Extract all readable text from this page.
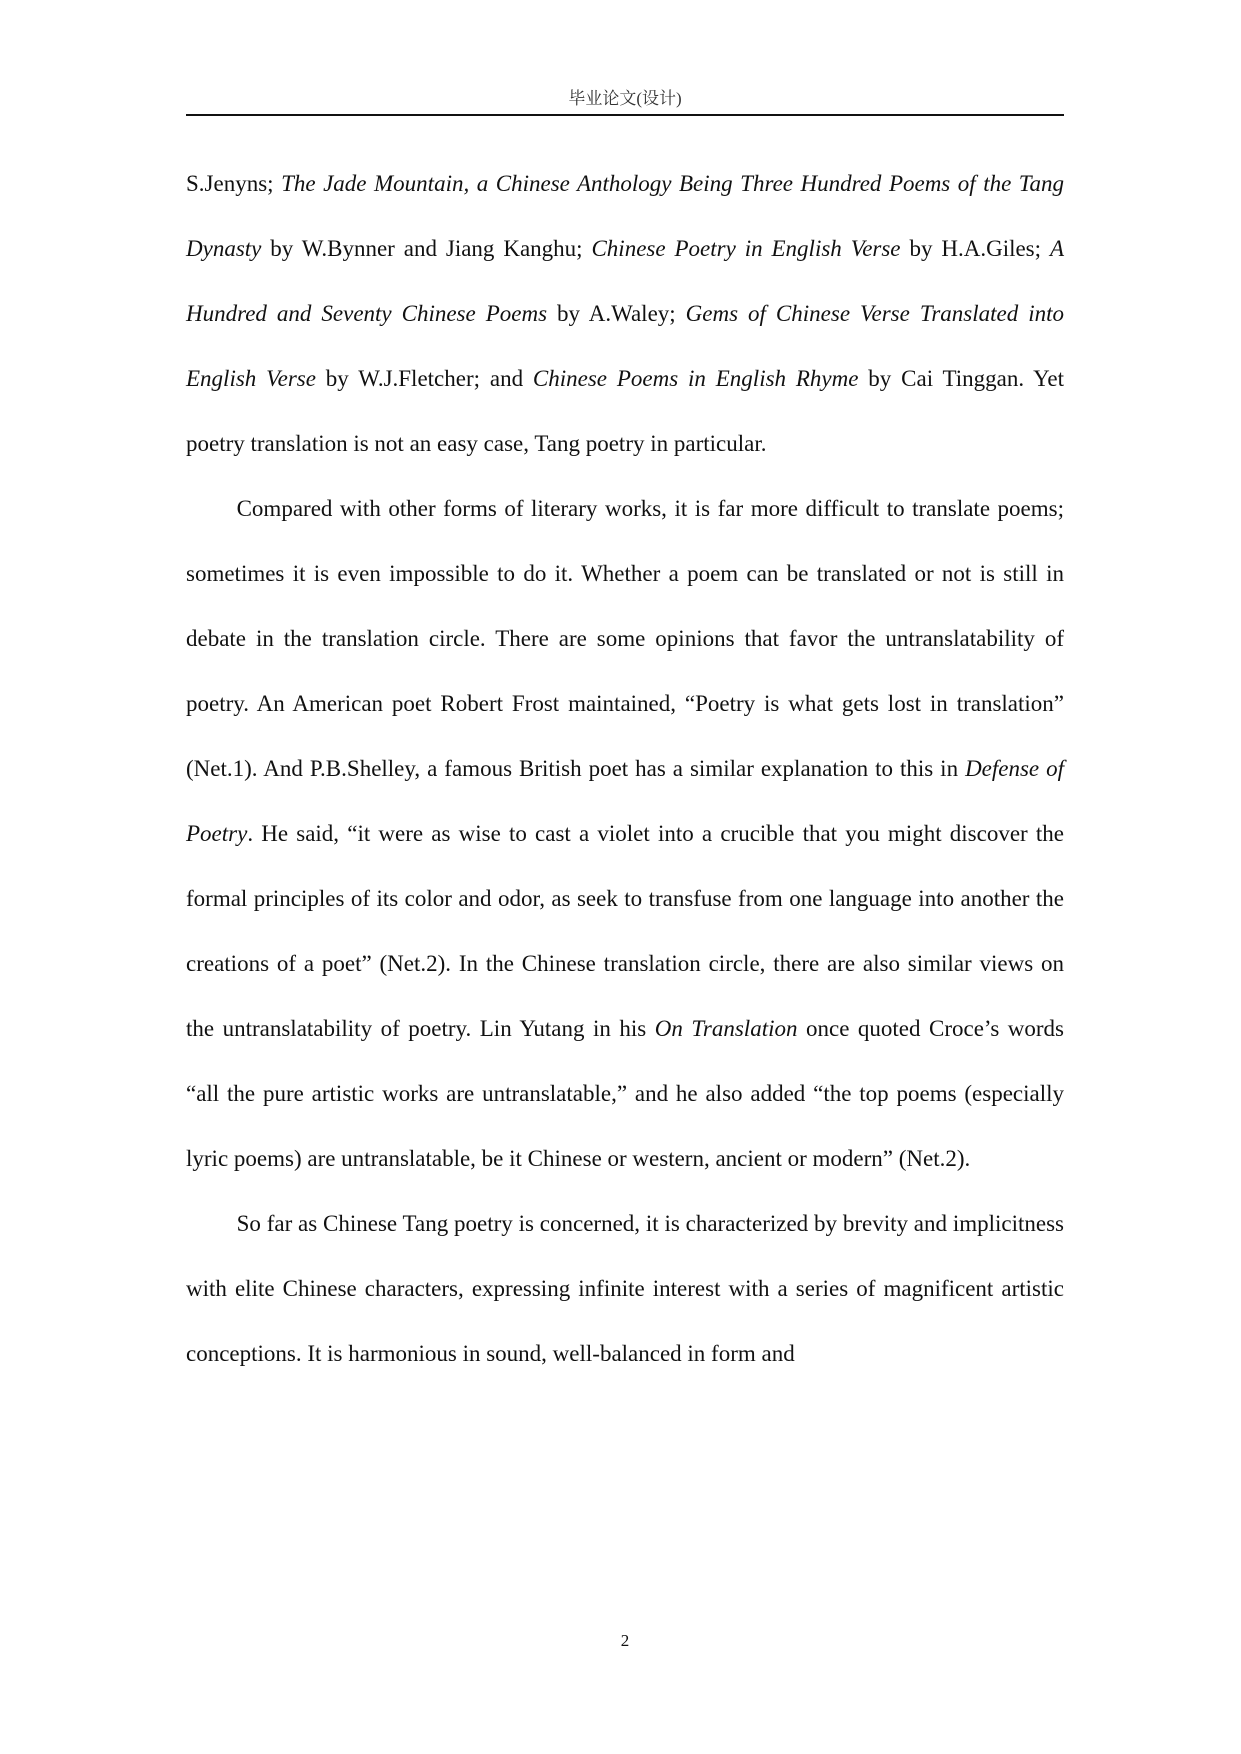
毕业论文(设计)

S.Jenyns; The Jade Mountain, a Chinese Anthology Being Three Hundred Poems of the Tang Dynasty by W.Bynner and Jiang Kanghu; Chinese Poetry in English Verse by H.A.Giles; A Hundred and Seventy Chinese Poems by A.Waley; Gems of Chinese Verse Translated into English Verse by W.J.Fletcher; and Chinese Poems in English Rhyme by Cai Tinggan. Yet poetry translation is not an easy case, Tang poetry in particular.

Compared with other forms of literary works, it is far more difficult to translate poems; sometimes it is even impossible to do it. Whether a poem can be translated or not is still in debate in the translation circle. There are some opinions that favor the untranslatability of poetry. An American poet Robert Frost maintained, “Poetry is what gets lost in translation” (Net.1). And P.B.Shelley, a famous British poet has a similar explanation to this in Defense of Poetry. He said, “it were as wise to cast a violet into a crucible that you might discover the formal principles of its color and odor, as seek to transfuse from one language into another the creations of a poet” (Net.2). In the Chinese translation circle, there are also similar views on the untranslatability of poetry. Lin Yutang in his On Translation once quoted Croce’s words “all the pure artistic works are untranslatable,” and he also added “the top poems (especially lyric poems) are untranslatable, be it Chinese or western, ancient or modern” (Net.2).

So far as Chinese Tang poetry is concerned, it is characterized by brevity and implicitness with elite Chinese characters, expressing infinite interest with a series of magnificent artistic conceptions. It is harmonious in sound, well-balanced in form and

2
